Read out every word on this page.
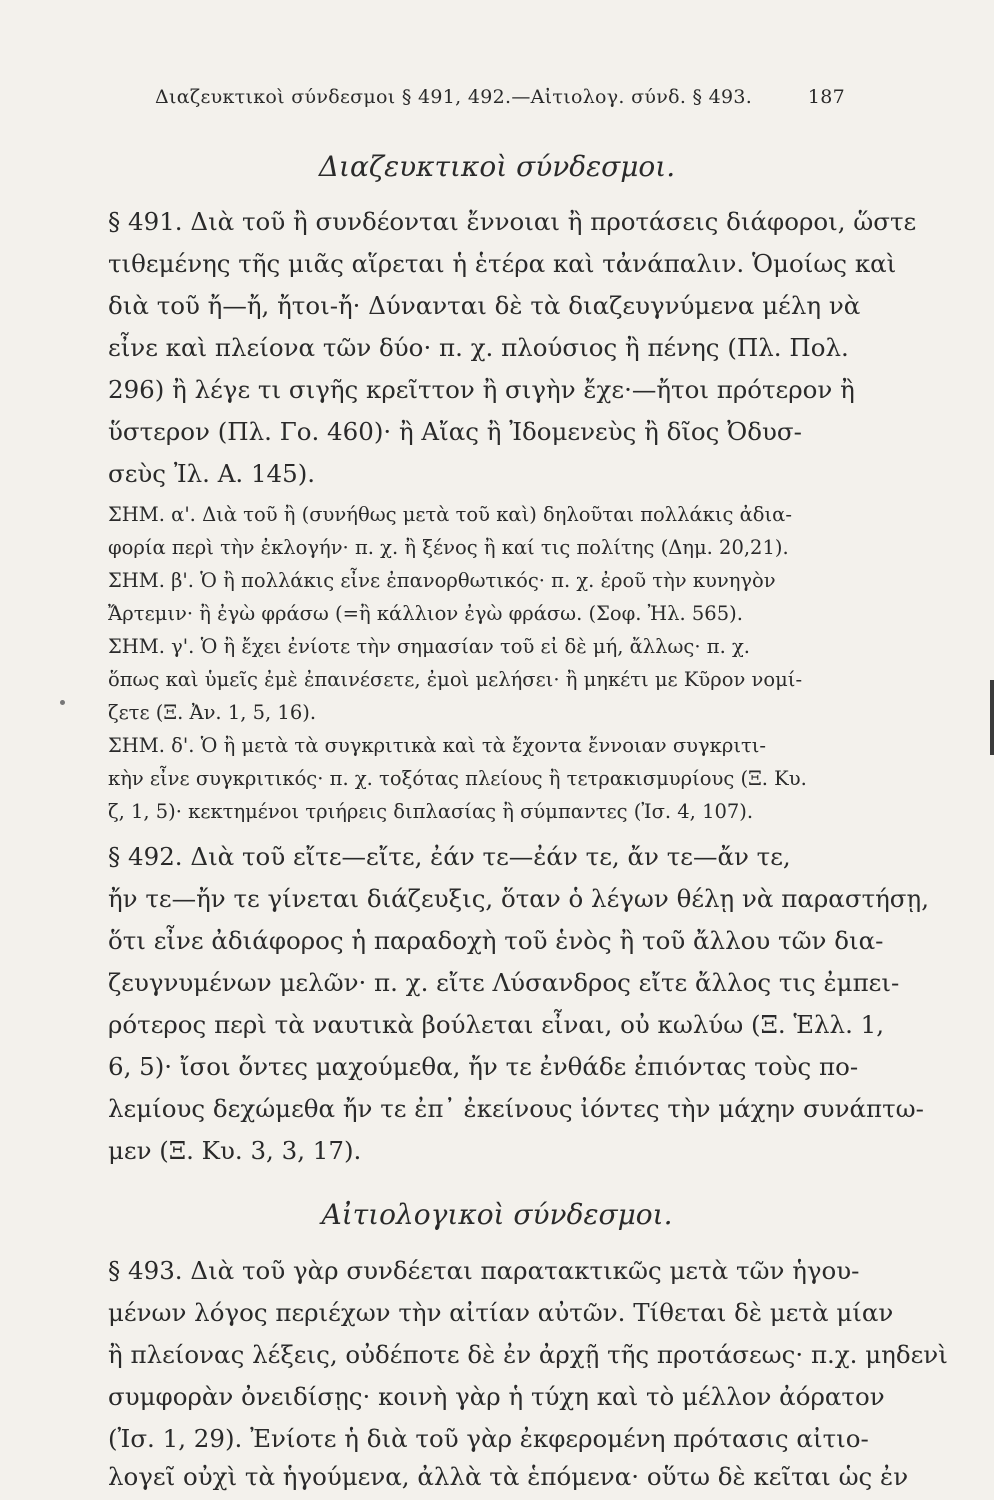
Διαζευκτικοὶ σύνδεσμοι § 491, 492.—Αἰτιολογ. σύνδ. § 493.	187
Διαζευκτικοὶ σύνδεσμοι.
§ 491. Διὰ τοῦ ἢ συνδέονται ἔννοιαι ἢ προτάσεις διάφοροι, ὥστε
τιθεμένης τῆς μιᾶς αἵρεται ἡ ἑτέρα καὶ τἀνάπαλιν. Ὁμοίως καὶ
διὰ τοῦ ἤ—ἤ, ἤτοι-ἤ· Δύνανται δὲ τὰ διαζευγνύμενα μέλη νὰ
εἶνε καὶ πλείονα τῶν δύο· π. χ. πλούσιος ἢ πένης (Πλ. Πολ.
296) ἢ λέγε τι σιγῆς κρεῖττον ἢ σιγὴν ἔχε·—ἤτοι πρότερον ἢ
ὕστερον (Πλ. Γο. 460)· ἢ Αἴας ἢ Ἰδομενεὺς ἢ δῖος Ὀδυσ-
σεὺς Ἰλ. Α. 145).
ΣΗΜ. α'. Διὰ τοῦ ἢ (συνήθως μετὰ τοῦ καὶ) δηλοῦται πολλάκις ἀδια-
φορία περὶ τὴν ἐκλογήν· π. χ. ἢ ξένος ἢ καί τις πολίτης (Δημ. 20,21).
ΣΗΜ. β'. Ὁ ἢ πολλάκις εἶνε ἐπανορθωτικός· π. χ. ἐροῦ τὴν κυνηγὸν
Ἄρτεμιν· ἢ ἐγὼ φράσω (=ἢ κάλλιον ἐγὼ φράσω. (Σοφ. Ἠλ. 565).
ΣΗΜ. γ'. Ὁ ἢ ἔχει ἐνίοτε τὴν σημασίαν τοῦ εἰ δὲ μή, ἄλλως· π. χ.
ὅπως καὶ ὑμεῖς ἐμὲ ἐπαινέσετε, ἐμοὶ μελήσει· ἢ μηκέτι με Κῦρον νομί-
ζετε (Ξ. Ἀν. 1, 5, 16).
ΣΗΜ. δ'. Ὁ ἢ μετὰ τὰ συγκριτικὰ καὶ τὰ ἔχοντα ἔννοιαν συγκριτι-
κὴν εἶνε συγκριτικός· π. χ. τοξότας πλείους ἢ τετρακισμυρίους (Ξ. Κυ.
ζ, 1, 5)· κεκτημένοι τριήρεις διπλασίας ἢ σύμπαντες (Ἰσ. 4, 107).
§ 492. Διὰ τοῦ εἴτε—εἴτε, ἐάν τε—ἐάν τε, ἄν τε—ἄν τε,
ἤν τε—ἤν τε γίνεται διάζευξις, ὅταν ὁ λέγων θέλῃ νὰ παραστήσῃ,
ὅτι εἶνε ἀδιάφορος ἡ παραδοχὴ τοῦ ἑνὸς ἢ τοῦ ἄλλου τῶν δια-
ζευγνυμένων μελῶν· π. χ. εἴτε Λύσανδρος εἴτε ἄλλος τις ἐμπει-
ρότερος περὶ τὰ ναυτικὰ βούλεται εἶναι, οὐ κωλύω (Ξ. Ἑλλ. 1,
6, 5)· ἴσοι ὄντες μαχούμεθα, ἤν τε ἐνθάδε ἐπιόντας τοὺς πο-
λεμίους δεχώμεθα ἤν τε ἐπ᾽ ἐκείνους ἰόντες τὴν μάχην συνάπτω-
μεν (Ξ. Κυ. 3, 3, 17).
Αἰτιολογικοὶ σύνδεσμοι.
§ 493. Διὰ τοῦ γὰρ συνδέεται παρατακτικῶς μετὰ τῶν ἡγου-
μένων λόγος περιέχων τὴν αἰτίαν αὐτῶν. Τίθεται δὲ μετὰ μίαν
ἢ πλείονας λέξεις, οὐδέποτε δὲ ἐν ἀρχῇ τῆς προτάσεως· π.χ. μηδενὶ
συμφορὰν ὀνειδίσῃς· κοινὴ γὰρ ἡ τύχη καὶ τὸ μέλλον ἀόρατον
(Ἰσ. 1, 29). Ἐνίοτε ἡ διὰ τοῦ γὰρ ἐκφερομένη πρότασις αἰτιο-
λογεῖ οὐχὶ τὰ ἡγούμενα, ἀλλὰ τὰ ἑπόμενα· οὕτω δὲ κεῖται ὡς ἐν
